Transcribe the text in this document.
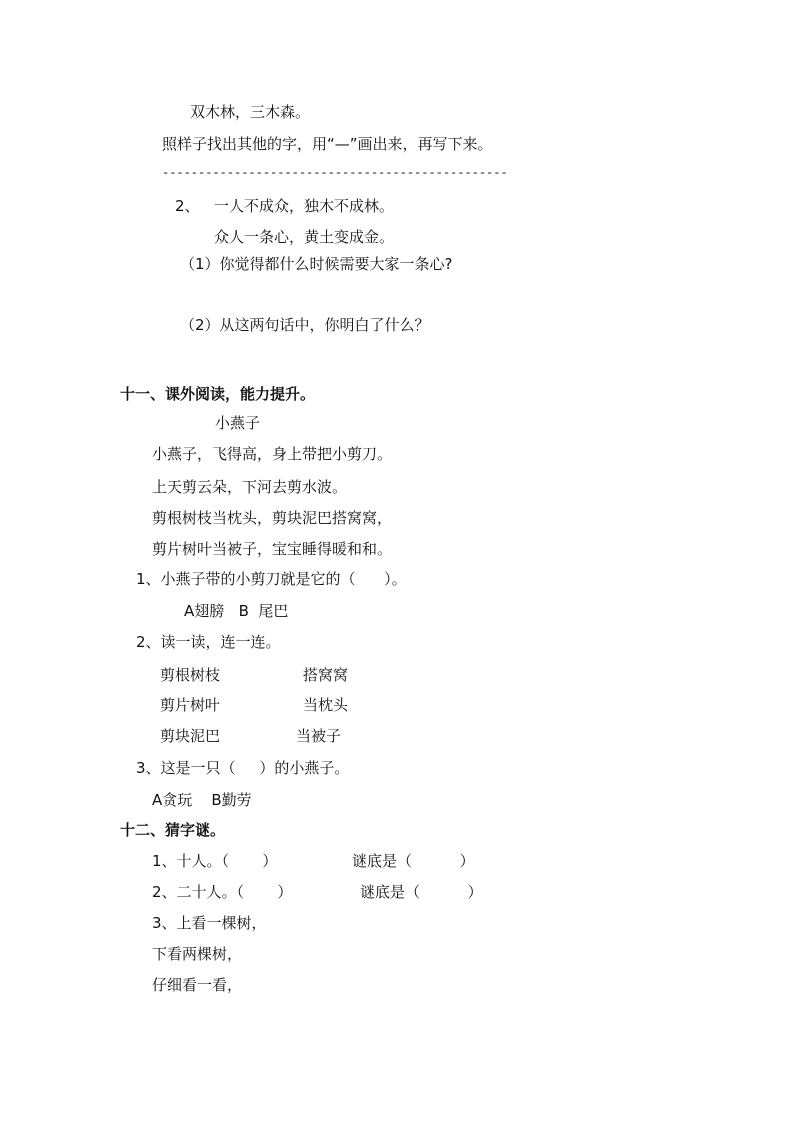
双木林，三木森。
照样子找出其他的字，用“—”画出来，再写下来。
------------------------------------------------
2、 一人不成众，独木不成林。
众人一条心，黄土变成金。
（1）你觉得都什么时候需要大家一条心?
（2）从这两句话中，你明白了什么？
十一、课外阅读，能力提升。
小燕子
小燕子，飞得高，身上带把小剪刀。
上天剪云朵，下河去剪水波。
剪根树枝当枕头，剪块泥巴搭窝窝，
剪片树叶当被子，宝宝睡得暖和和。
1、小燕子带的小剪刀就是它的（      ）。
A翅膀   B  尾巴
2、读一读，连一连。
剪根树枝	搭窝窝
剪片树叶	当枕头
剪块泥巴	当被子
3、这是一只（     ）的小燕子。
A贪玩    B勤劳
十二、猜字谜。
1、十人。（       ）	谜底是（          ）
2、二十人。（       ）	谜底是（          ）
3、上看一棵树，
下看两棵树，
仔细看一看，
